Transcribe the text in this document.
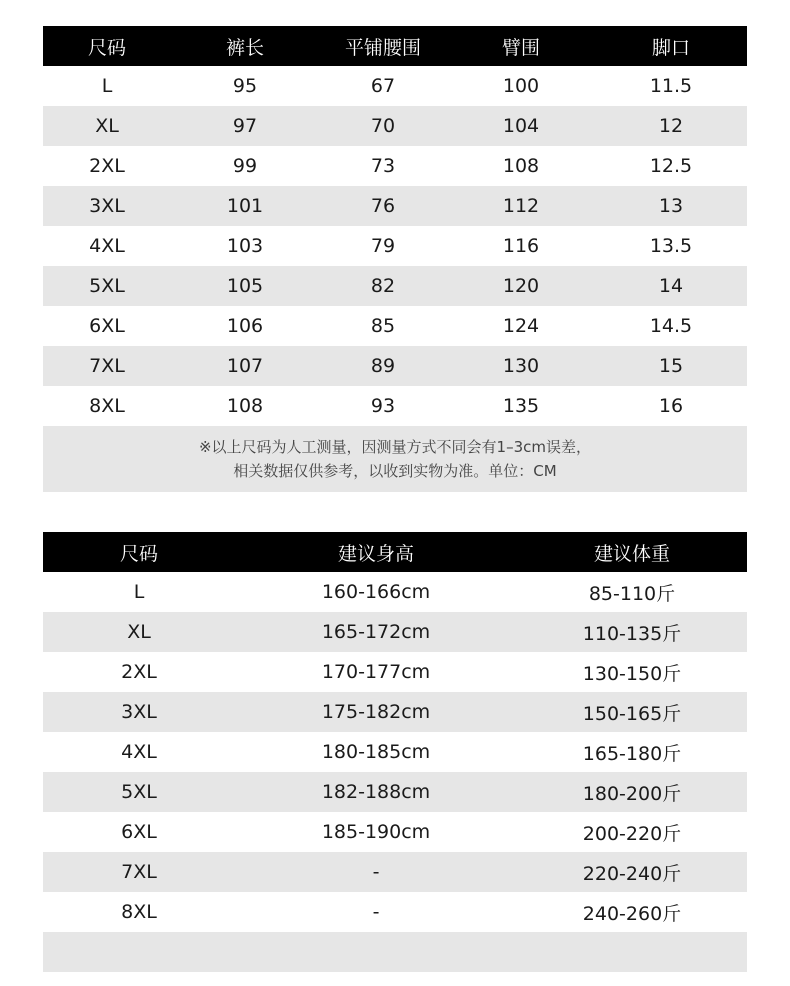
尺码	裤长	平铺腰围	臂围	脚口
L	95	67	100	11.5
XL	97	70	104	12
2XL	99	73	108	12.5
3XL	101	76	112	13
4XL	103	79	116	13.5
5XL	105	82	120	14
6XL	106	85	124	14.5
7XL	107	89	130	15
8XL	108	93	135	16
※以上尺码为人工测量，因测量方式不同会有1–3cm误差，
相关数据仅供参考，以收到实物为准。单位：CM
尺码	建议身高	建议体重
L	160-166cm	85-110斤
XL	165-172cm	110-135斤
2XL	170-177cm	130-150斤
3XL	175-182cm	150-165斤
4XL	180-185cm	165-180斤
5XL	182-188cm	180-200斤
6XL	185-190cm	200-220斤
7XL	-	220-240斤
8XL	-	240-260斤
